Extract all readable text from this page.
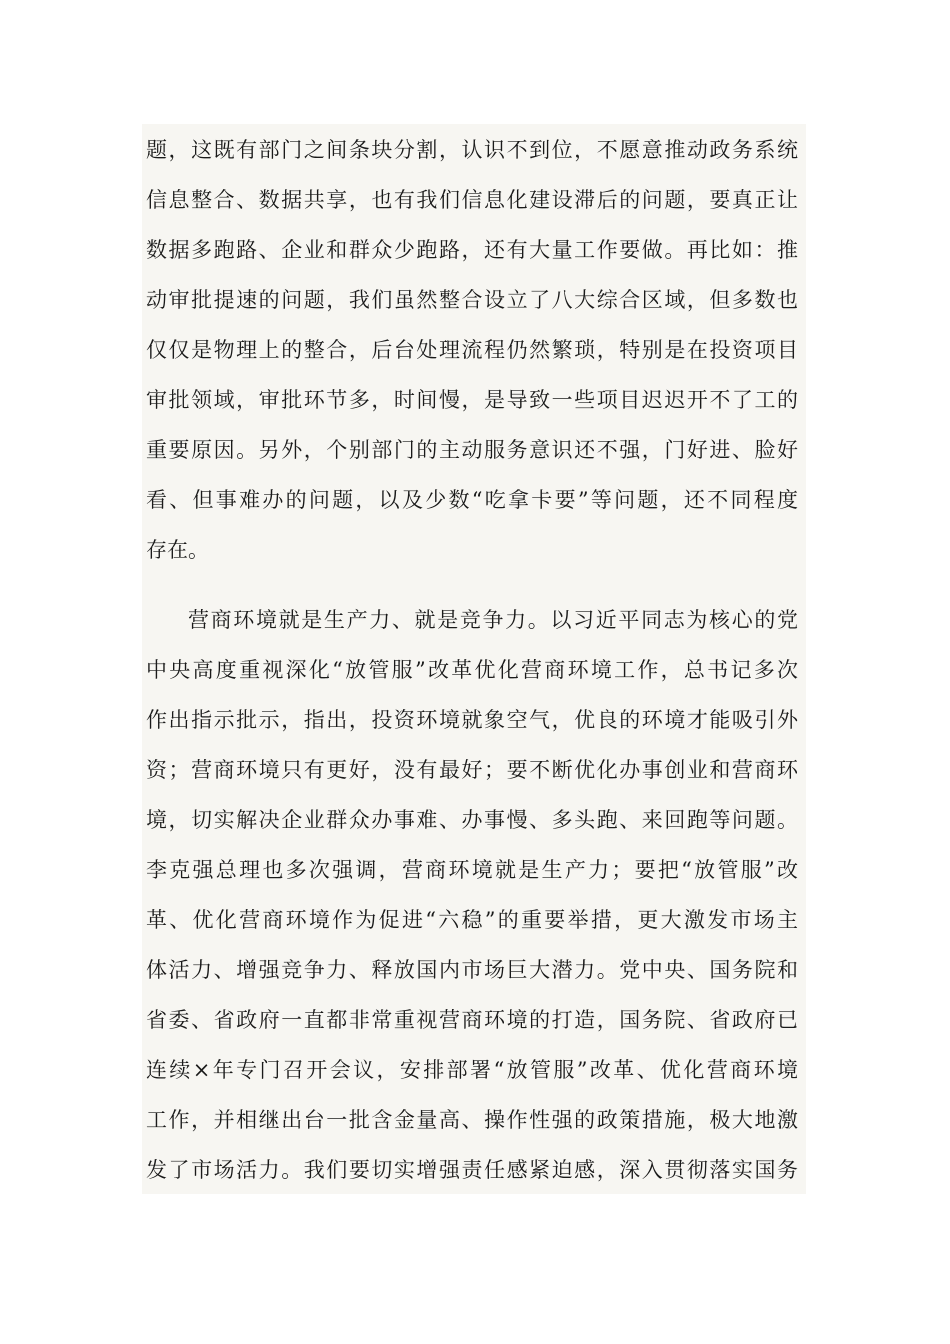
题，这既有部门之间条块分割，认识不到位，不愿意推动政务系统
信息整合、数据共享，也有我们信息化建设滞后的问题，要真正让
数据多跑路、企业和群众少跑路，还有大量工作要做。再比如：推
动审批提速的问题，我们虽然整合设立了八大综合区域，但多数也
仅仅是物理上的整合，后台处理流程仍然繁琐，特别是在投资项目
审批领域，审批环节多，时间慢，是导致一些项目迟迟开不了工的
重要原因。另外，个别部门的主动服务意识还不强，门好进、脸好
看、但事难办的问题，以及少数“吃拿卡要”等问题，还不同程度
存在。
营商环境就是生产力、就是竞争力。以习近平同志为核心的党
中央高度重视深化“放管服”改革优化营商环境工作，总书记多次
作出指示批示，指出，投资环境就象空气，优良的环境才能吸引外
资；营商环境只有更好，没有最好；要不断优化办事创业和营商环
境，切实解决企业群众办事难、办事慢、多头跑、来回跑等问题。
李克强总理也多次强调，营商环境就是生产力；要把“放管服”改
革、优化营商环境作为促进“六稳”的重要举措，更大激发市场主
体活力、增强竞争力、释放国内市场巨大潜力。党中央、国务院和
省委、省政府一直都非常重视营商环境的打造，国务院、省政府已
连续×年专门召开会议，安排部署“放管服”改革、优化营商环境
工作，并相继出台一批含金量高、操作性强的政策措施，极大地激
发了市场活力。我们要切实增强责任感紧迫感，深入贯彻落实国务
